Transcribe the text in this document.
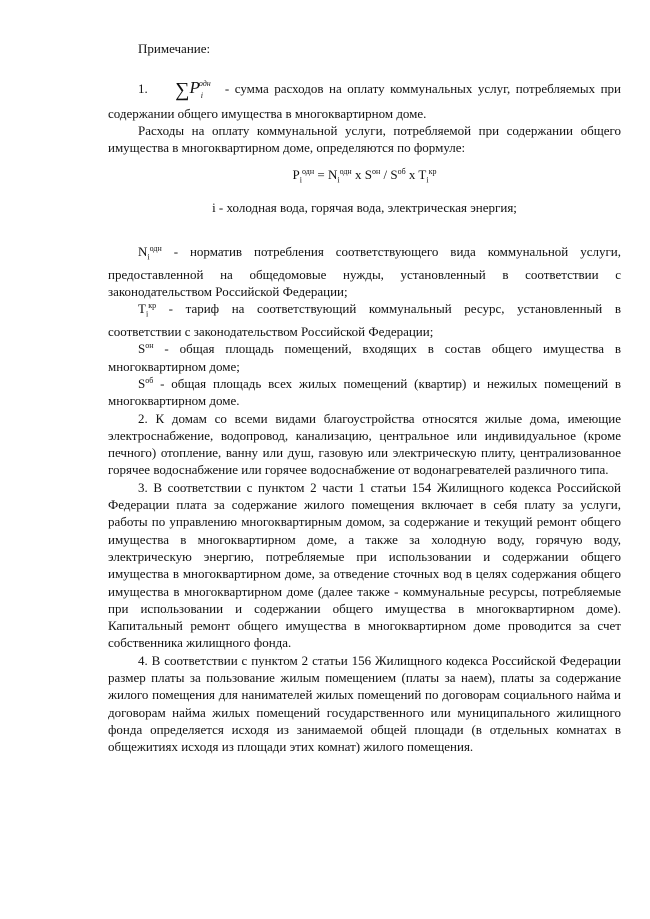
Примечание:

1. $\sum P^{одн}_i$    - сумма расходов на оплату коммунальных услуг, потребляемых при содержании общего имущества в многоквартирном доме.

Расходы на оплату коммунальной услуги, потребляемой при содержании общего имущества в многоквартирном доме, определяются по формуле:

$P_i^{одн} = N_i^{одн}$ x $S^{он} / S^{об}$ x $T_i^{кр}$

i - холодная вода, горячая вода, электрическая энергия;

$N_i^{одн}$ - норматив потребления соответствующего вида коммунальной услуги, предоставленной на общедомовые нужды, установленный в соответствии с законодательством Российской Федерации;

$T_i^{кр}$ - тариф на соответствующий коммунальный ресурс, установленный в соответствии с законодательством Российской Федерации;

$S^{он}$ - общая площадь помещений, входящих в состав общего имущества в многоквартирном доме;

$S^{об}$ - общая площадь всех жилых помещений (квартир) и нежилых помещений в многоквартирном доме.

2. К домам со всеми видами благоустройства относятся жилые дома, имеющие электроснабжение, водопровод, канализацию, центральное или индивидуальное (кроме печного) отопление, ванну или душ, газовую или электрическую плиту, централизованное горячее водоснабжение или горячее водоснабжение от водонагревателей различного типа.

3. В соответствии с пунктом 2 части 1 статьи 154 Жилищного кодекса Российской Федерации плата за содержание жилого помещения включает в себя плату за услуги, работы по управлению многоквартирным домом, за содержание и текущий ремонт общего имущества в многоквартирном доме, а также за холодную воду, горячую воду, электрическую энергию, потребляемые при использовании и содержании общего имущества в многоквартирном доме, за отведение сточных вод в целях содержания общего имущества в многоквартирном доме (далее также - коммунальные ресурсы, потребляемые при использовании и содержании общего имущества в многоквартирном доме). Капитальный ремонт общего имущества в многоквартирном доме проводится за счет собственника жилищного фонда.

4. В соответствии с пунктом 2 статьи 156 Жилищного кодекса Российской Федерации размер платы за пользование жилым помещением (платы за наем), платы за содержание жилого помещения для нанимателей жилых помещений по договорам социального найма и договорам найма жилых помещений государственного или муниципального жилищного фонда определяется исходя из занимаемой общей площади (в отдельных комнатах в общежитиях исходя из площади этих комнат) жилого помещения.
